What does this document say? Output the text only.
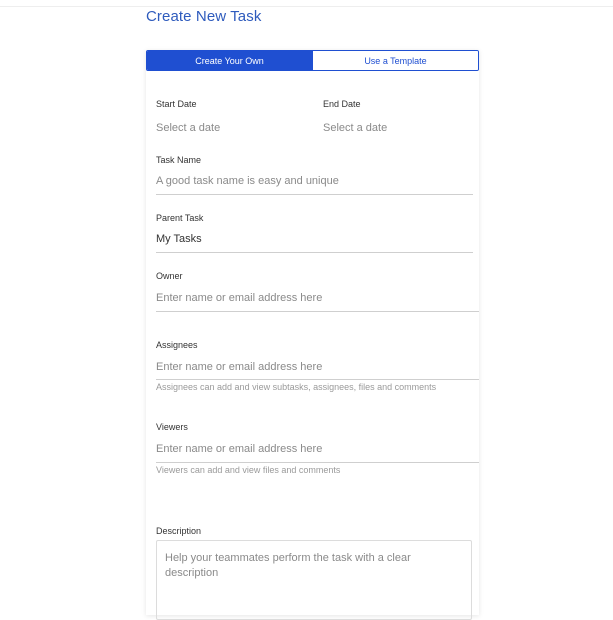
Create New Task
Create Your Own	Use a Template
Start Date
Select a date
End Date
Select a date
Task Name
A good task name is easy and unique
Parent Task
My Tasks
Owner
Enter name or email address here
Assignees
Enter name or email address here
Assignees can add and view subtasks, assignees, files and comments
Viewers
Enter name or email address here
Viewers can add and view files and comments
Description
Help your teammates perform the task with a clear description
